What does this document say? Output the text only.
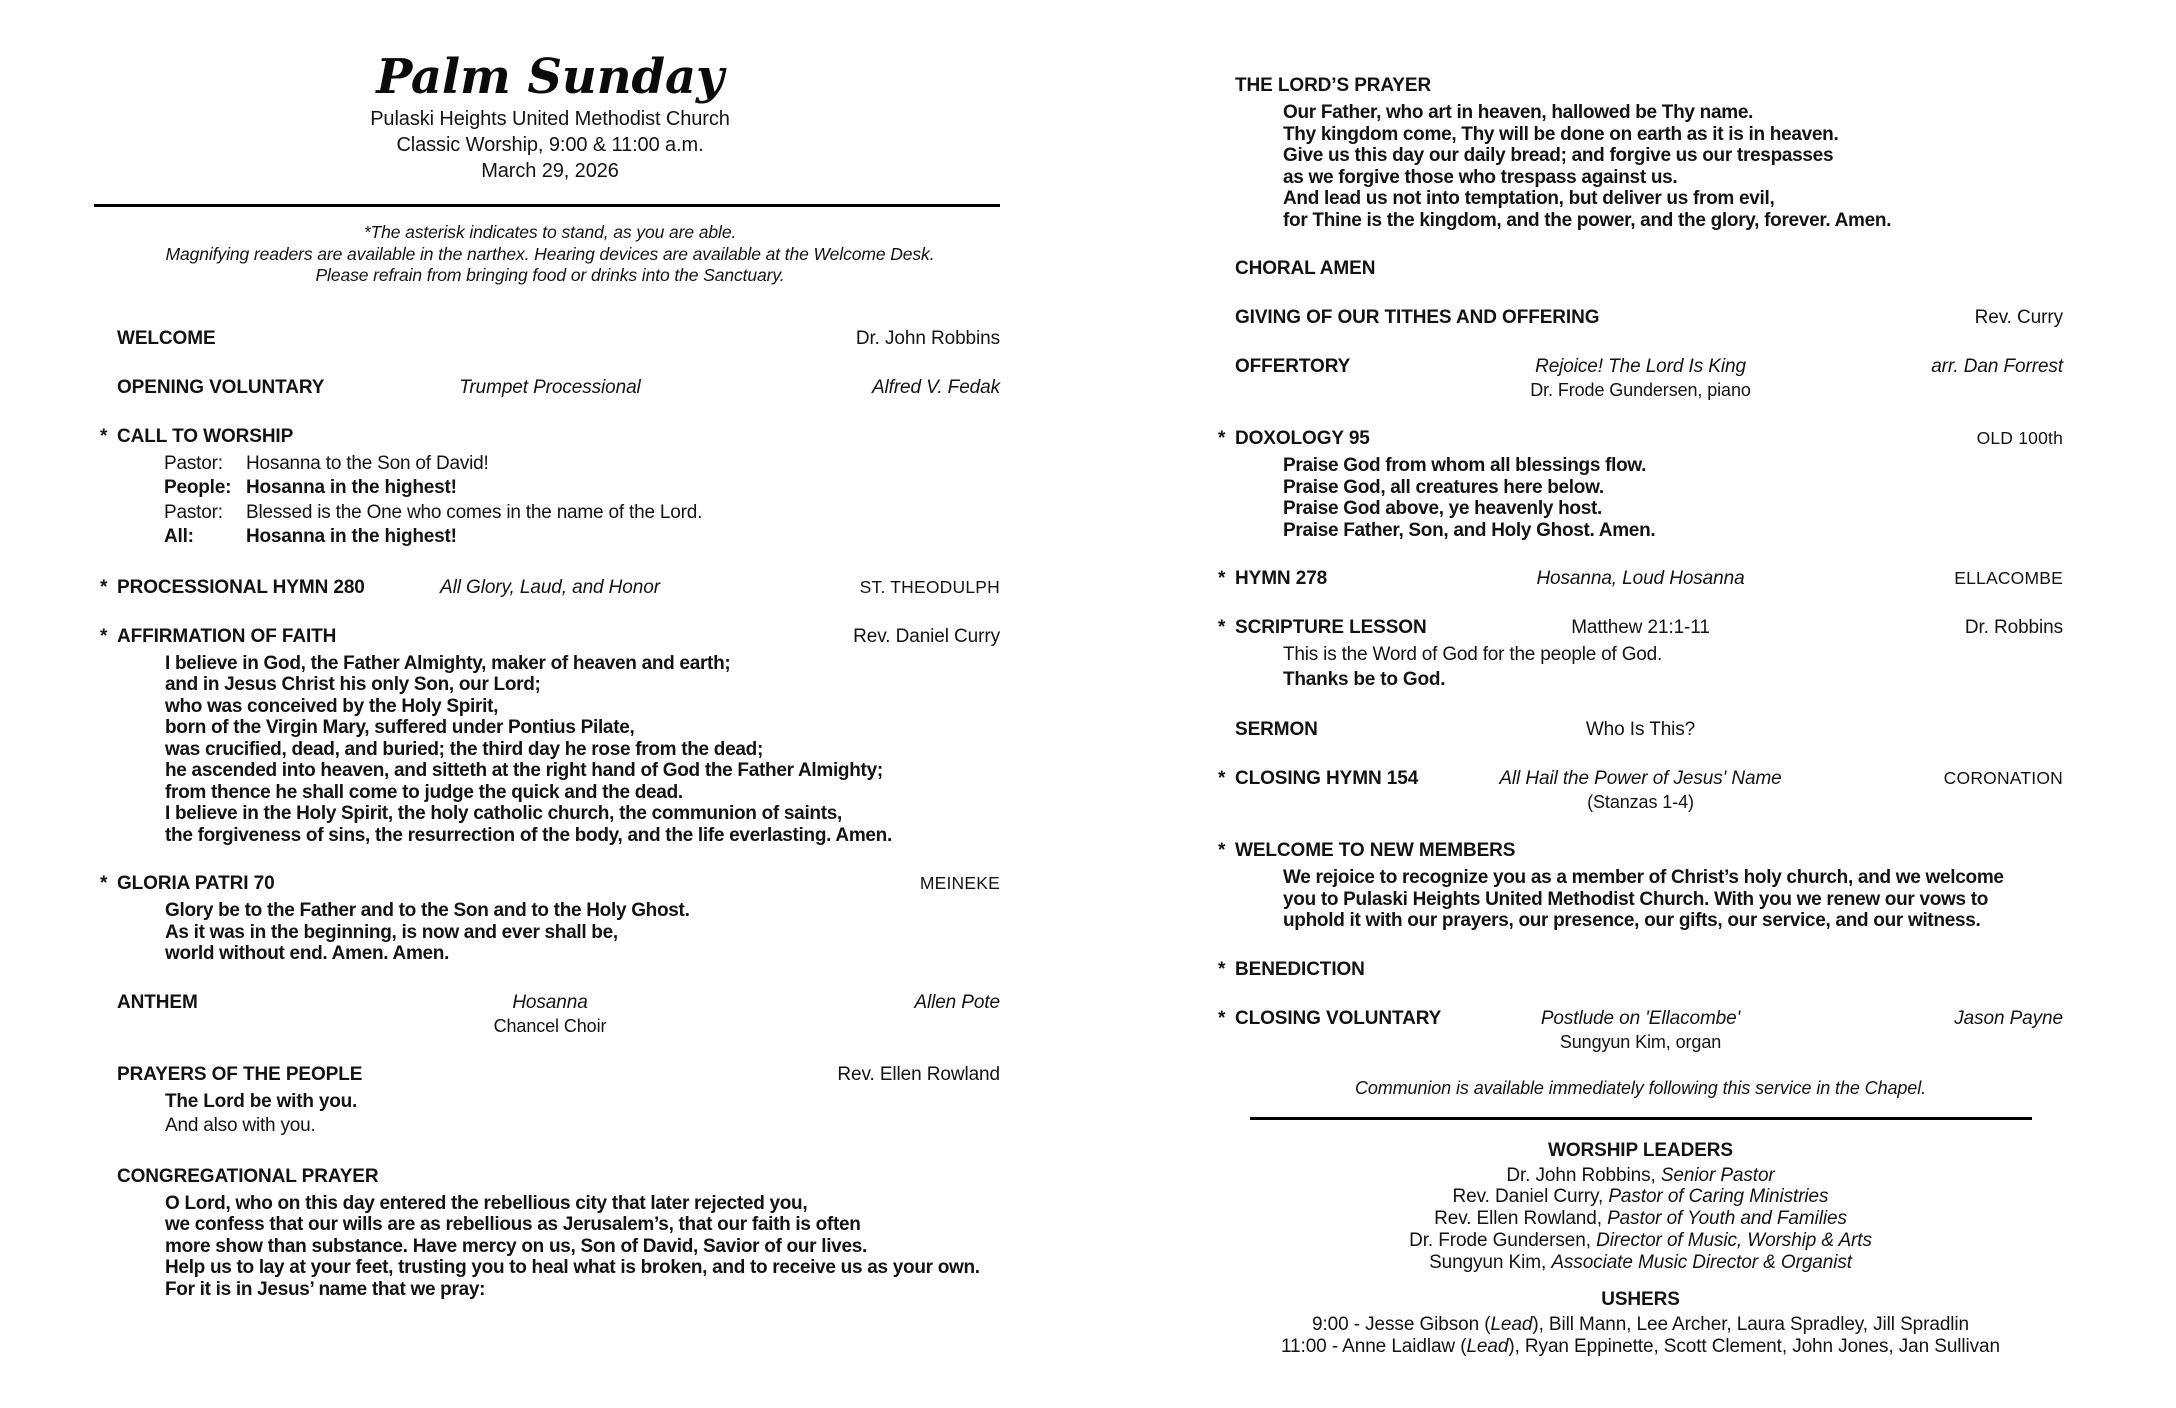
Palm Sunday
Pulaski Heights United Methodist Church
Classic Worship, 9:00 & 11:00 a.m.
March 29, 2026
*The asterisk indicates to stand, as you are able.
Magnifying readers are available in the narthex. Hearing devices are available at the Welcome Desk.
Please refrain from bringing food or drinks into the Sanctuary.
WELCOME	Dr. John Robbins
OPENING VOLUNTARY	Trumpet Processional	Alfred V. Fedak
* CALL TO WORSHIP
Pastor:	Hosanna to the Son of David!
People: Hosanna in the highest!
Pastor:	Blessed is the One who comes in the name of the Lord.
All:	Hosanna in the highest!
* PROCESSIONAL HYMN 280	All Glory, Laud, and Honor	ST. THEODULPH
* AFFIRMATION OF FAITH	Rev. Daniel Curry
I believe in God, the Father Almighty, maker of heaven and earth;
and in Jesus Christ his only Son, our Lord;
who was conceived by the Holy Spirit,
born of the Virgin Mary, suffered under Pontius Pilate,
was crucified, dead, and buried; the third day he rose from the dead;
he ascended into heaven, and sitteth at the right hand of God the Father Almighty;
from thence he shall come to judge the quick and the dead.
I believe in the Holy Spirit, the holy catholic church, the communion of saints,
the forgiveness of sins, the resurrection of the body, and the life everlasting. Amen.
* GLORIA PATRI 70	MEINEKE
Glory be to the Father and to the Son and to the Holy Ghost.
As it was in the beginning, is now and ever shall be,
world without end. Amen. Amen.
ANTHEM	Hosanna	Allen Pote
Chancel Choir
PRAYERS OF THE PEOPLE	Rev. Ellen Rowland
The Lord be with you.
And also with you.
CONGREGATIONAL PRAYER
O Lord, who on this day entered the rebellious city that later rejected you,
we confess that our wills are as rebellious as Jerusalem’s, that our faith is often
more show than substance. Have mercy on us, Son of David, Savior of our lives.
Help us to lay at your feet, trusting you to heal what is broken, and to receive us as your own.
For it is in Jesus’ name that we pray:
THE LORD’S PRAYER
Our Father, who art in heaven, hallowed be Thy name.
Thy kingdom come, Thy will be done on earth as it is in heaven.
Give us this day our daily bread; and forgive us our trespasses
as we forgive those who trespass against us.
And lead us not into temptation, but deliver us from evil,
for Thine is the kingdom, and the power, and the glory, forever. Amen.
CHORAL AMEN
GIVING OF OUR TITHES AND OFFERING	Rev. Curry
OFFERTORY	Rejoice! The Lord Is King	arr. Dan Forrest
Dr. Frode Gundersen, piano
* DOXOLOGY 95	OLD 100th
Praise God from whom all blessings flow.
Praise God, all creatures here below.
Praise God above, ye heavenly host.
Praise Father, Son, and Holy Ghost. Amen.
* HYMN 278	Hosanna, Loud Hosanna	ELLACOMBE
* SCRIPTURE LESSON	Matthew 21:1-11	Dr. Robbins
This is the Word of God for the people of God.
Thanks be to God.
SERMON	Who Is This?
* CLOSING HYMN 154	All Hail the Power of Jesus' Name	CORONATION
(Stanzas 1-4)
* WELCOME TO NEW MEMBERS
We rejoice to recognize you as a member of Christ’s holy church, and we welcome
you to Pulaski Heights United Methodist Church. With you we renew our vows to
uphold it with our prayers, our presence, our gifts, our service, and our witness.
* BENEDICTION
* CLOSING VOLUNTARY	Postlude on 'Ellacombe'	Jason Payne
Sungyun Kim, organ
Communion is available immediately following this service in the Chapel.
WORSHIP LEADERS
Dr. John Robbins, Senior Pastor
Rev. Daniel Curry, Pastor of Caring Ministries
Rev. Ellen Rowland, Pastor of Youth and Families
Dr. Frode Gundersen, Director of Music, Worship & Arts
Sungyun Kim, Associate Music Director & Organist
USHERS
9:00 - Jesse Gibson (Lead), Bill Mann, Lee Archer, Laura Spradley, Jill Spradlin
11:00 - Anne Laidlaw (Lead), Ryan Eppinette, Scott Clement, John Jones, Jan Sullivan
